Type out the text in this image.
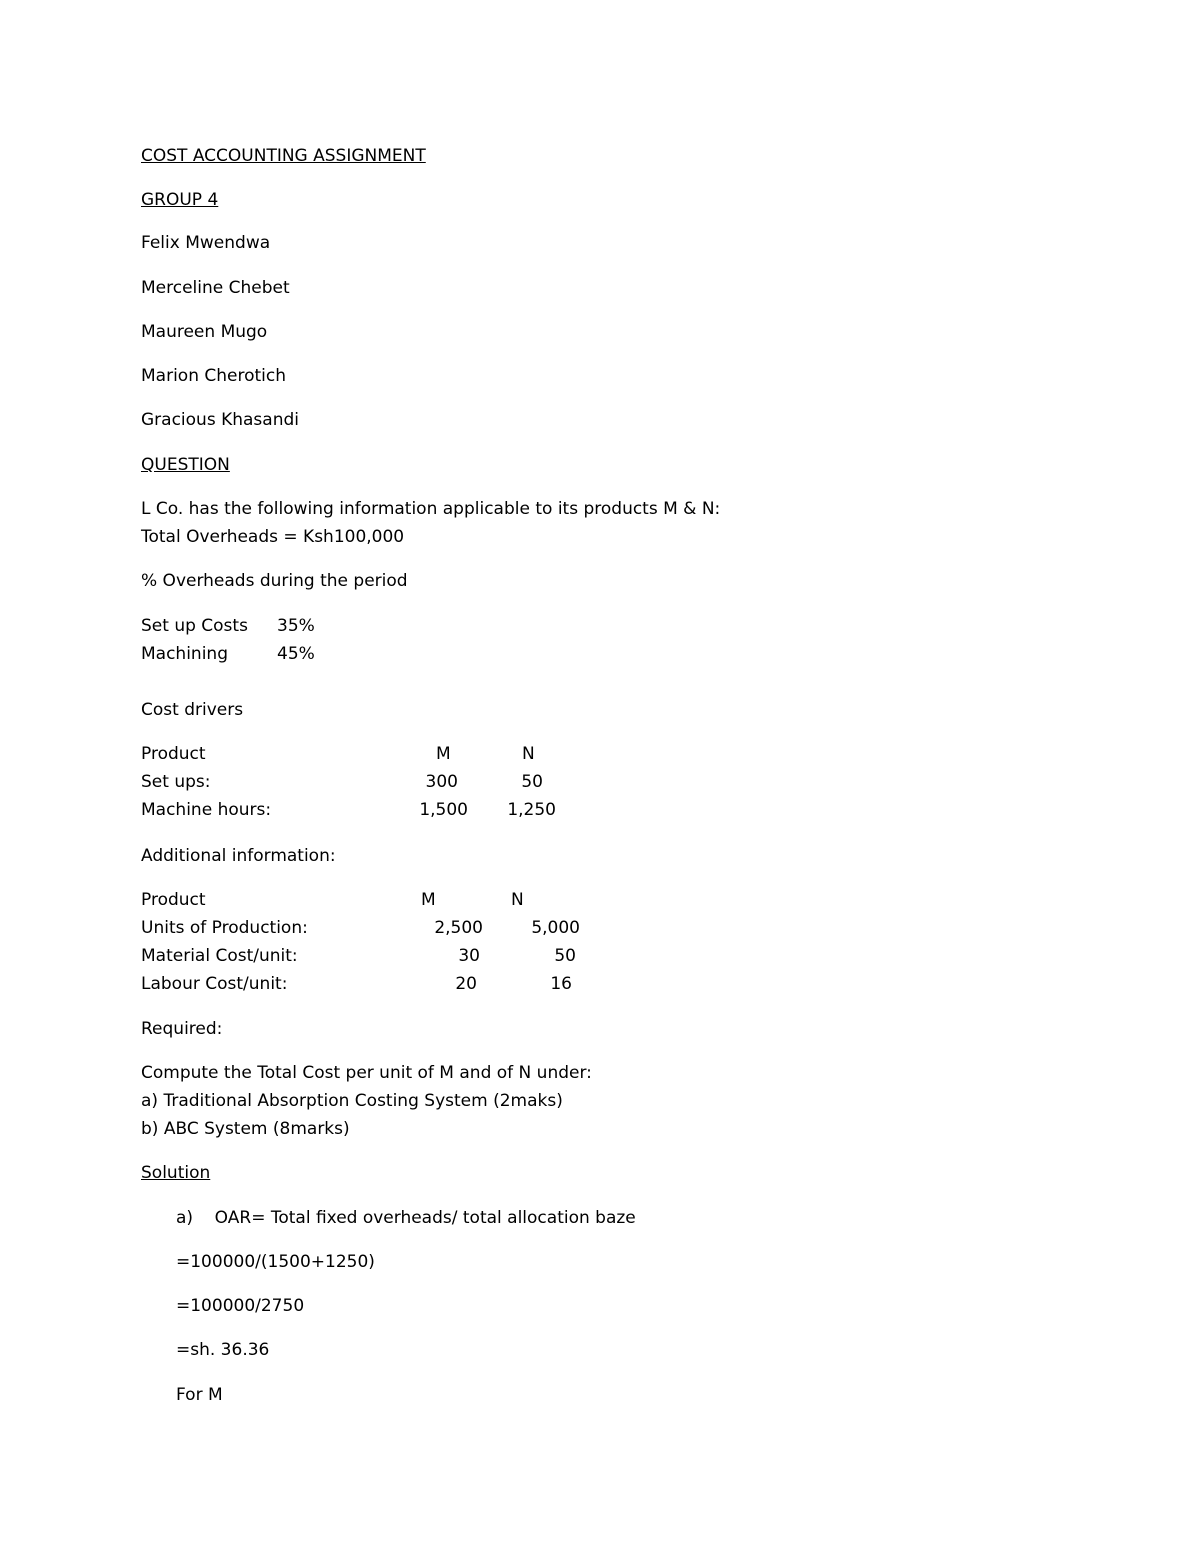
COST ACCOUNTING ASSIGNMENT
GROUP 4
Felix Mwendwa
Merceline Chebet
Maureen Mugo
Marion Cherotich
Gracious Khasandi
QUESTION
L Co. has the following information applicable to its products M & N:
Total Overheads = Ksh100,000
% Overheads during the period
Set up Costs 35%
Machining	45%
Cost drivers
Product	M	N
Set ups:	300	50
Machine hours:	1,500	1,250
Additional information:
Product	M	N
Units of Production:	2,500	5,000
Material Cost/unit:	30	50
Labour Cost/unit:	20	16
Required:
Compute the Total Cost per unit of M and of N under:
a) Traditional Absorption Costing System (2maks)
b) ABC System (8marks)
Solution
a)    OAR= Total fixed overheads/ total allocation baze
=100000/(1500+1250)
=100000/2750
=sh. 36.36
For M
